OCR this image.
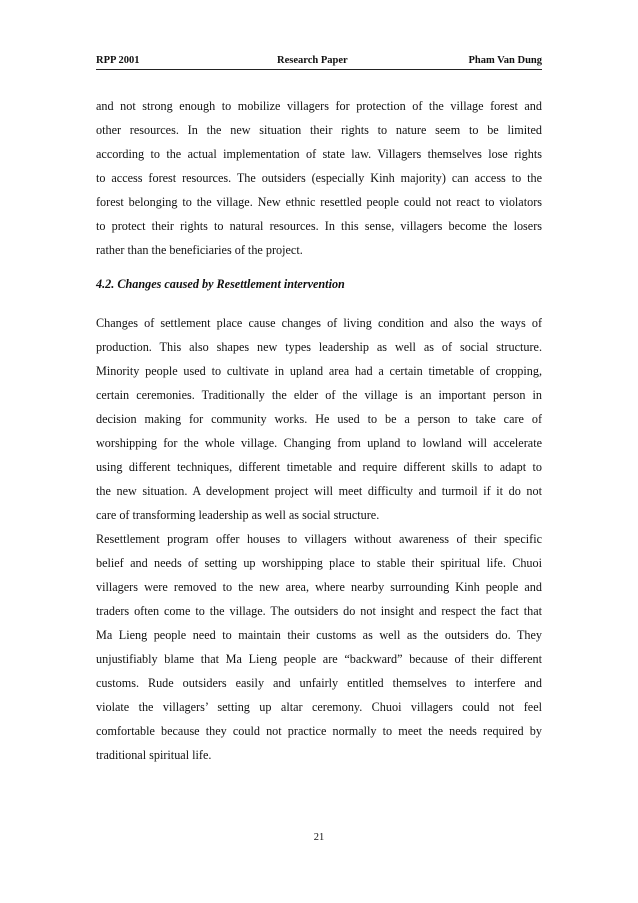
RPP 2001	Research Paper	Pham Van Dung
and not strong enough to mobilize villagers for protection of the village forest and
other resources. In the new situation their rights to nature seem to be limited
according to the actual implementation of state law. Villagers themselves lose rights
to access forest resources. The outsiders (especially Kinh majority) can access to the
forest belonging to the village. New ethnic resettled people could not react to violators
to protect their rights to natural resources. In this sense, villagers become the losers
rather than the beneficiaries of the project.
4.2. Changes caused by Resettlement intervention
Changes of settlement place cause changes of living condition and also the ways of
production. This also shapes new types leadership as well as of social structure.
Minority people used to cultivate in upland area had a certain timetable of cropping,
certain ceremonies. Traditionally the elder of the village is an important person in
decision making for community works. He used to be a person to take care of
worshipping for the whole village. Changing from upland to lowland will accelerate
using different techniques, different timetable and require different skills to adapt to
the new situation. A development project will meet difficulty and turmoil if it do not
care of transforming leadership as well as social structure.
Resettlement program offer houses to villagers without awareness of their specific
belief and needs of setting up worshipping place to stable their spiritual life. Chuoi
villagers were removed to the new area, where nearby surrounding Kinh people and
traders often come to the village. The outsiders do not insight and respect the fact that
Ma Lieng people need to maintain their customs as well as the outsiders do. They
unjustifiably blame that Ma Lieng people are “backward” because of their different
customs. Rude outsiders easily and unfairly entitled themselves to interfere and
violate the villagers’ setting up altar ceremony. Chuoi villagers could not feel
comfortable because they could not practice normally to meet the needs required by
traditional spiritual life.
21
